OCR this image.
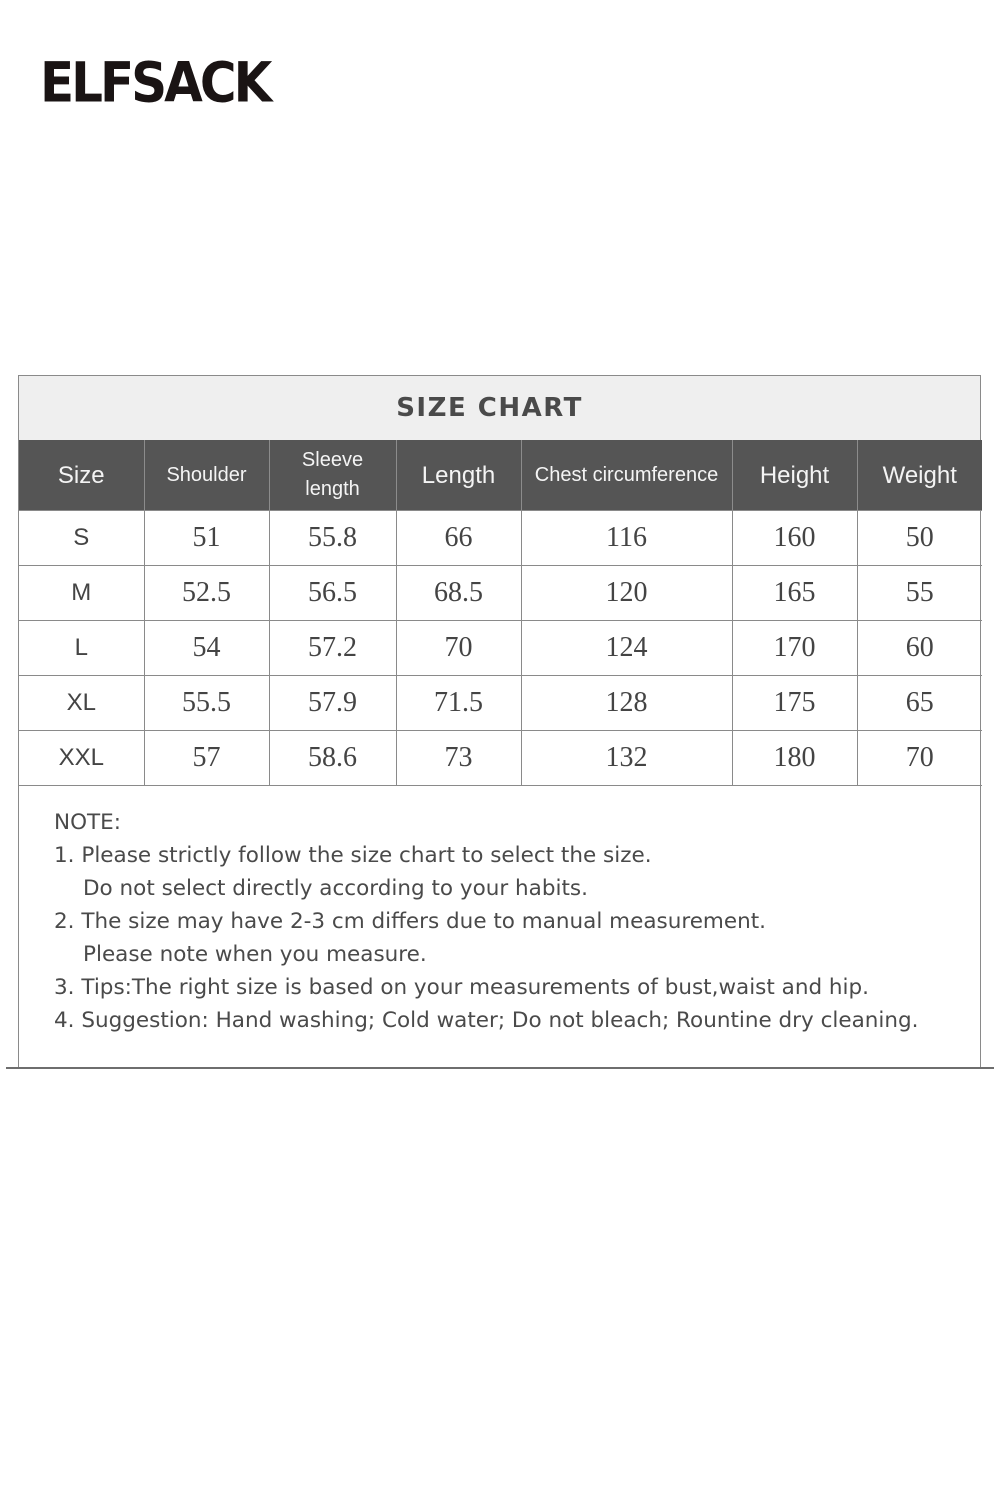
ELFSACK
SIZE CHART
Size	Shoulder	Sleeve length	Length	Chest circumference	Height	Weight
S	51	55.8	66	116	160	50
M	52.5	56.5	68.5	120	165	55
L	54	57.2	70	124	170	60
XL	55.5	57.9	71.5	128	175	65
XXL	57	58.6	73	132	180	70
NOTE:
1. Please strictly follow the size chart to select the size.
Do not select directly according to your habits.
2. The size may have 2-3 cm differs due to manual measurement.
Please note when you measure.
3. Tips:The right size is based on your measurements of bust,waist and hip.
4. Suggestion: Hand washing; Cold water; Do not bleach; Rountine dry cleaning.
